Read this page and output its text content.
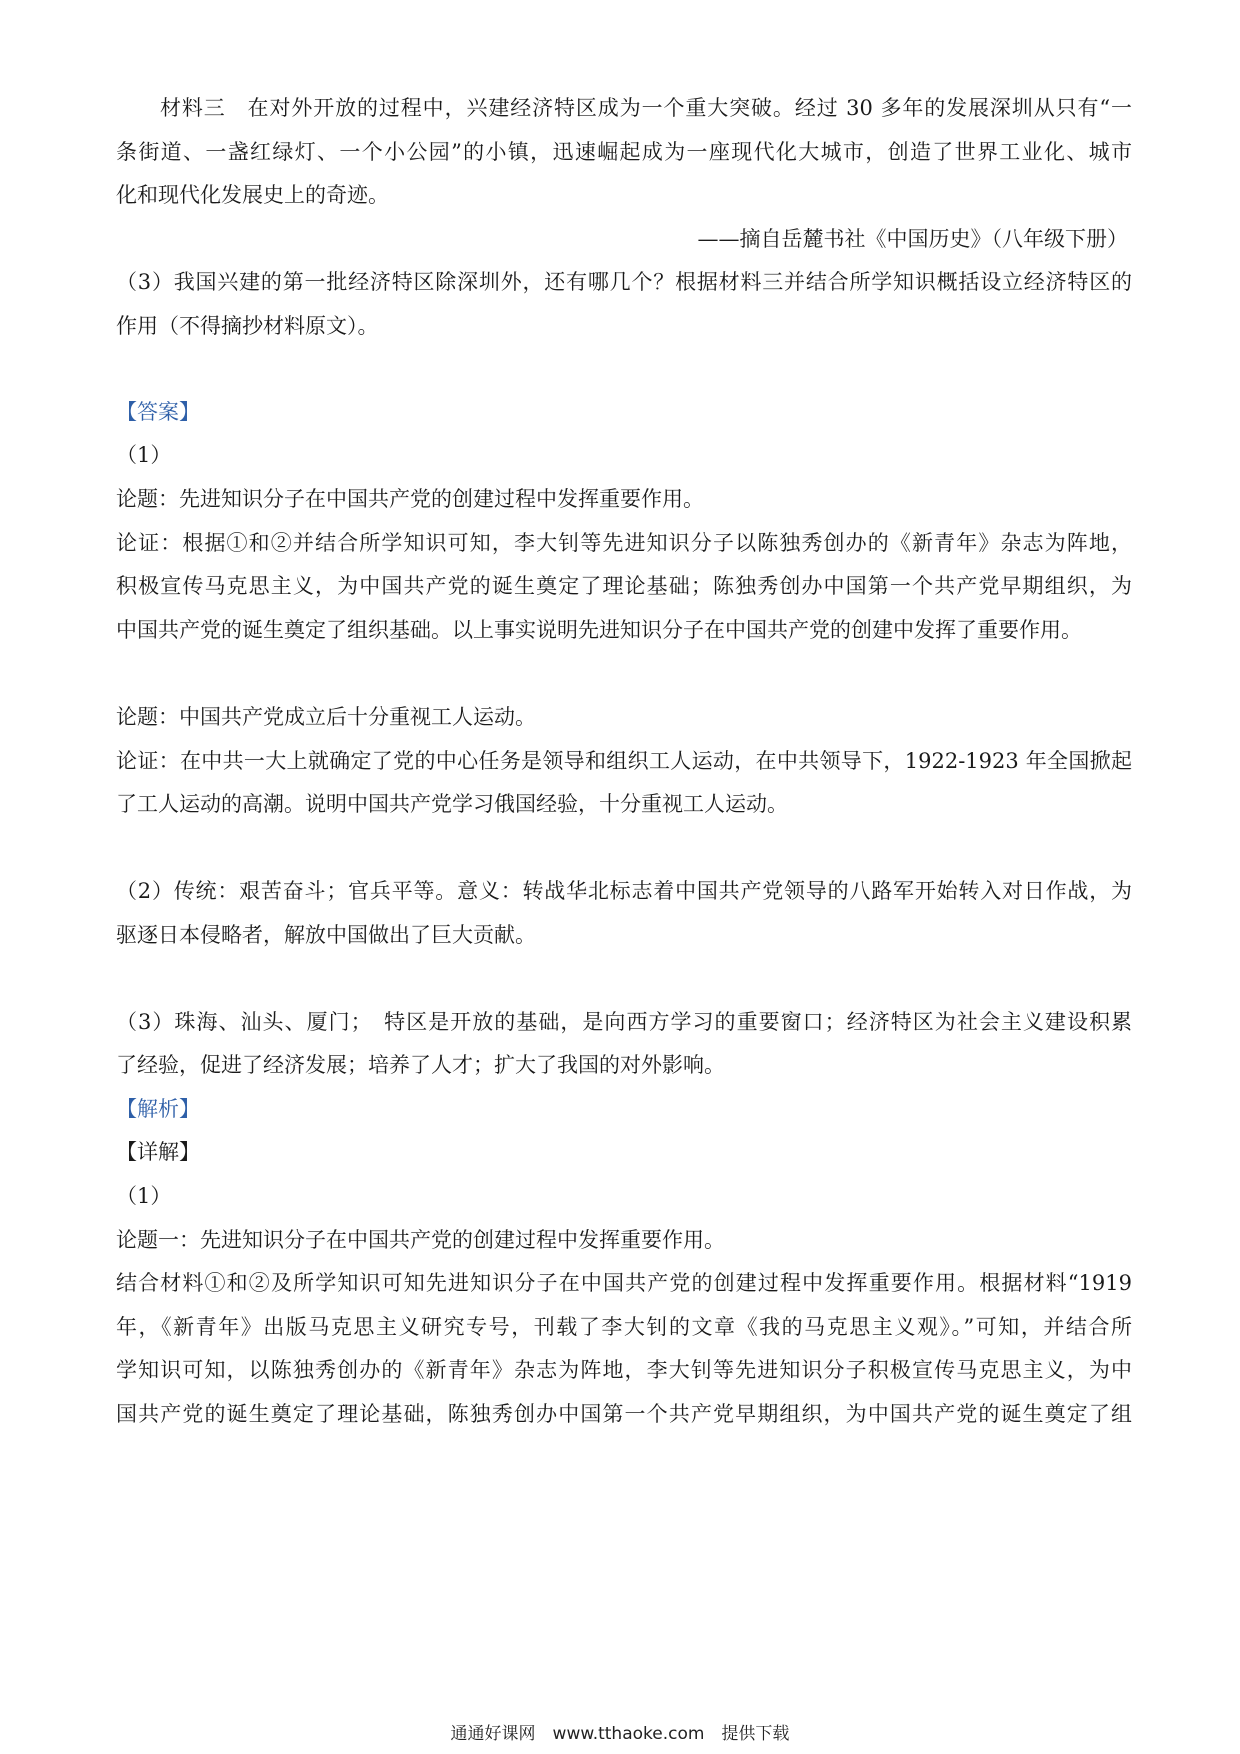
材料三　在对外开放的过程中，兴建经济特区成为一个重大突破。经过 30 多年的发展深圳从只有“一
条街道、一盏红绿灯、一个小公园”的小镇，迅速崛起成为一座现代化大城市，创造了世界工业化、城市
化和现代化发展史上的奇迹。
——摘自岳麓书社《中国历史》（八年级下册）
（3）我国兴建的第一批经济特区除深圳外，还有哪几个？根据材料三并结合所学知识概括设立经济特区的
作用（不得摘抄材料原文）。
【答案】
（1）
论题：先进知识分子在中国共产党的创建过程中发挥重要作用。
论证：根据①和②并结合所学知识可知，李大钊等先进知识分子以陈独秀创办的《新青年》杂志为阵地，
积极宣传马克思主义，为中国共产党的诞生奠定了理论基础；陈独秀创办中国第一个共产党早期组织，为
中国共产党的诞生奠定了组织基础。以上事实说明先进知识分子在中国共产党的创建中发挥了重要作用。
论题：中国共产党成立后十分重视工人运动。
论证：在中共一大上就确定了党的中心任务是领导和组织工人运动，在中共领导下，1922-1923 年全国掀起
了工人运动的高潮。说明中国共产党学习俄国经验，十分重视工人运动。
（2）传统：艰苦奋斗；官兵平等。意义：转战华北标志着中国共产党领导的八路军开始转入对日作战，为
驱逐日本侵略者，解放中国做出了巨大贡献。
（3）珠海、汕头、厦门；　特区是开放的基础，是向西方学习的重要窗口；经济特区为社会主义建设积累
了经验，促进了经济发展；培养了人才；扩大了我国的对外影响。
【解析】
【详解】
（1）
论题一：先进知识分子在中国共产党的创建过程中发挥重要作用。
结合材料①和②及所学知识可知先进知识分子在中国共产党的创建过程中发挥重要作用。根据材料“1919
年，《新青年》出版马克思主义研究专号，刊载了李大钊的文章《我的马克思主义观》。”可知，并结合所
学知识可知，以陈独秀创办的《新青年》杂志为阵地，李大钊等先进知识分子积极宣传马克思主义，为中
国共产党的诞生奠定了理论基础，陈独秀创办中国第一个共产党早期组织，为中国共产党的诞生奠定了组
通通好课网　www.tthaoke.com　提供下载
